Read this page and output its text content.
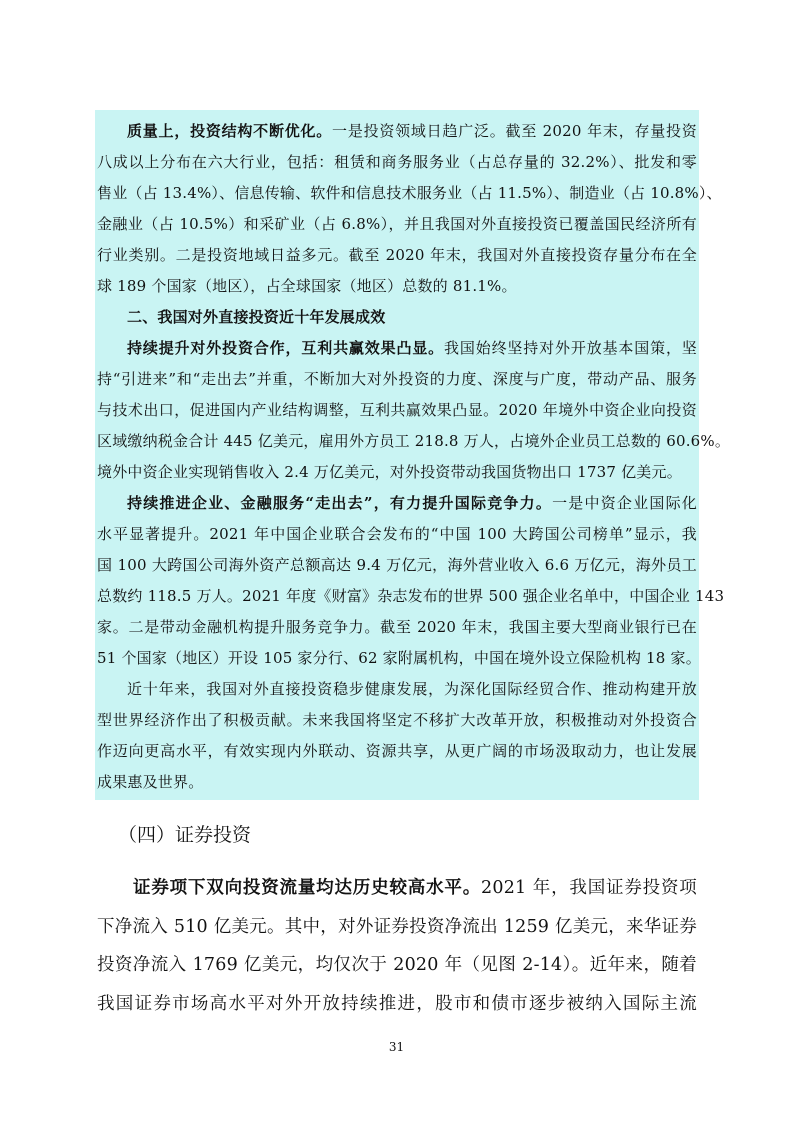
质量上，投资结构不断优化。一是投资领域日趋广泛。截至 2020 年末，存量投资

八成以上分布在六大行业，包括：租赁和商务服务业（占总存量的 32.2%）、批发和零

售业（占 13.4%）、信息传输、软件和信息技术服务业（占 11.5%）、制造业（占 10.8%）、

金融业（占 10.5%）和采矿业（占 6.8%），并且我国对外直接投资已覆盖国民经济所有

行业类别。二是投资地域日益多元。截至 2020 年末，我国对外直接投资存量分布在全

球 189 个国家（地区），占全球国家（地区）总数的 81.1%。

二、我国对外直接投资近十年发展成效

持续提升对外投资合作，互利共赢效果凸显。我国始终坚持对外开放基本国策，坚

持“引进来”和“走出去”并重，不断加大对外投资的力度、深度与广度，带动产品、服务

与技术出口，促进国内产业结构调整，互利共赢效果凸显。2020 年境外中资企业向投资

区域缴纳税金合计 445 亿美元，雇用外方员工 218.8 万人，占境外企业员工总数的 60.6%。

境外中资企业实现销售收入 2.4 万亿美元，对外投资带动我国货物出口 1737 亿美元。

持续推进企业、金融服务“走出去”，有力提升国际竞争力。一是中资企业国际化

水平显著提升。2021 年中国企业联合会发布的“中国 100 大跨国公司榜单”显示，我

国 100 大跨国公司海外资产总额高达 9.4 万亿元，海外营业收入 6.6 万亿元，海外员工

总数约 118.5 万人。2021 年度《财富》杂志发布的世界 500 强企业名单中，中国企业 143

家。二是带动金融机构提升服务竞争力。截至 2020 年末，我国主要大型商业银行已在

51 个国家（地区）开设 105 家分行、62 家附属机构，中国在境外设立保险机构 18 家。

近十年来，我国对外直接投资稳步健康发展，为深化国际经贸合作、推动构建开放

型世界经济作出了积极贡献。未来我国将坚定不移扩大改革开放，积极推动对外投资合

作迈向更高水平，有效实现内外联动、资源共享，从更广阔的市场汲取动力，也让发展

成果惠及世界。

（四）证券投资

证券项下双向投资流量均达历史较高水平。2021 年，我国证券投资项

下净流入 510 亿美元。其中，对外证券投资净流出 1259 亿美元，来华证券

投资净流入 1769 亿美元，均仅次于 2020 年（见图 2-14）。近年来，随着

我国证券市场高水平对外开放持续推进，股市和债市逐步被纳入国际主流

31
